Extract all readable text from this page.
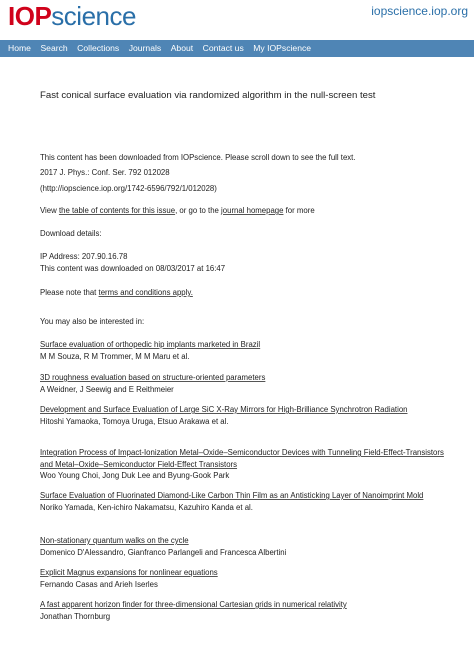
IOPscience	iopscience.iop.org
Home Search Collections Journals About Contact us My IOPscience
Fast conical surface evaluation via randomized algorithm in the null-screen test
This content has been downloaded from IOPscience. Please scroll down to see the full text.
2017 J. Phys.: Conf. Ser. 792 012028
(http://iopscience.iop.org/1742-6596/792/1/012028)
View the table of contents for this issue, or go to the journal homepage for more
Download details:
IP Address: 207.90.16.78
This content was downloaded on 08/03/2017 at 16:47
Please note that terms and conditions apply.
You may also be interested in:
Surface evaluation of orthopedic hip implants marketed in Brazil
M M Souza, R M Trommer, M M Maru et al.
3D roughness evaluation based on structure-oriented parameters
A Weidner, J Seewig and E Reithmeier
Development and Surface Evaluation of Large SiC X-Ray Mirrors for High-Brilliance Synchrotron Radiation
Hitoshi Yamaoka, Tomoya Uruga, Etsuo Arakawa et al.
Integration Process of Impact-Ionization Metal–Oxide–Semiconductor Devices with Tunneling Field-Effect-Transistors and Metal–Oxide–Semiconductor Field-Effect Transistors
Woo Young Choi, Jong Duk Lee and Byung-Gook Park
Surface Evaluation of Fluorinated Diamond-Like Carbon Thin Film as an Antisticking Layer of Nanoimprint Mold
Noriko Yamada, Ken-ichiro Nakamatsu, Kazuhiro Kanda et al.
Non-stationary quantum walks on the cycle
Domenico D'Alessandro, Gianfranco Parlangeli and Francesca Albertini
Explicit Magnus expansions for nonlinear equations
Fernando Casas and Arieh Iserles
A fast apparent horizon finder for three-dimensional Cartesian grids in numerical relativity
Jonathan Thornburg
